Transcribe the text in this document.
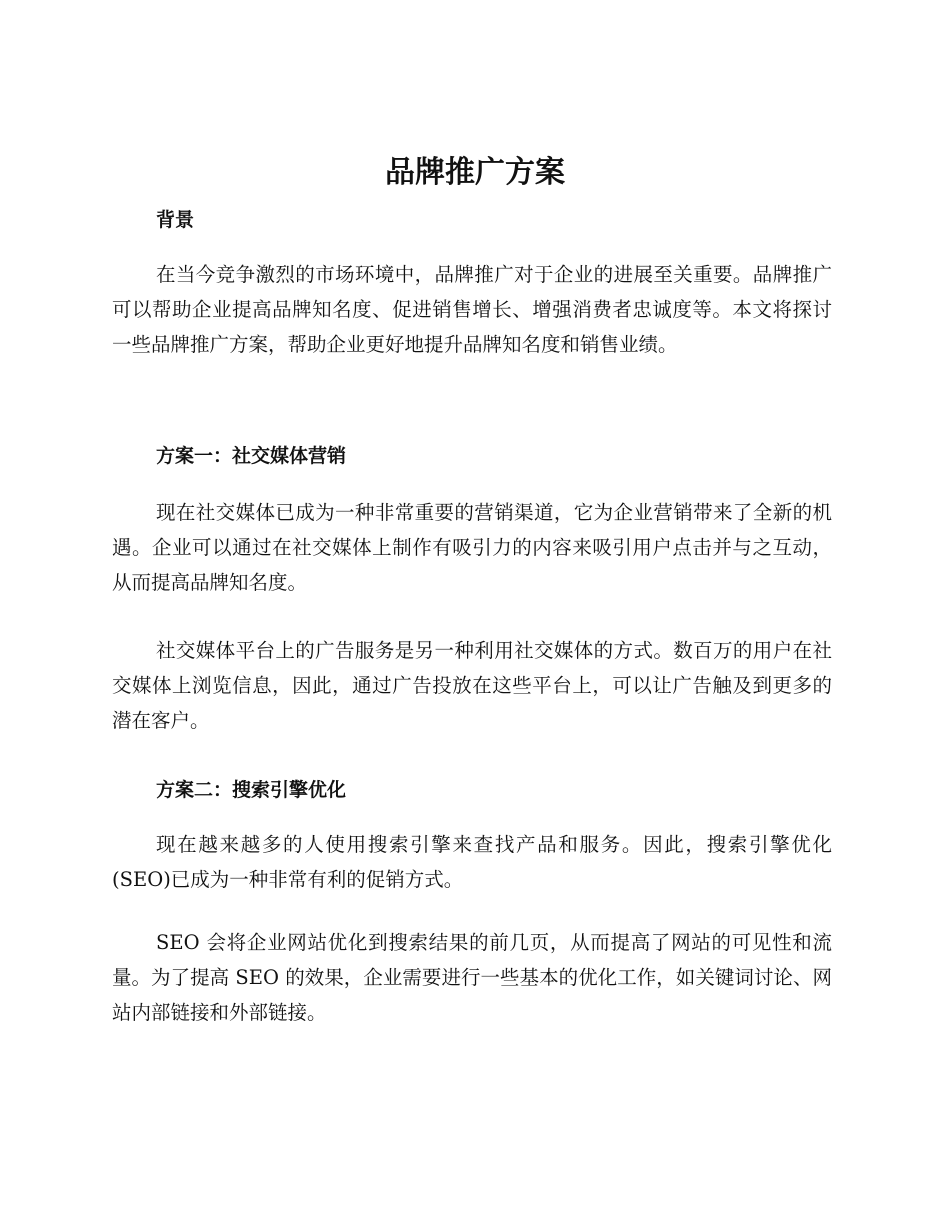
品牌推广方案
背景

在当今竞争激烈的市场环境中，品牌推广对于企业的进展至关重要。品牌推广可以帮助企业提高品牌知名度、促进销售增长、增强消费者忠诚度等。本文将探讨一些品牌推广方案，帮助企业更好地提升品牌知名度和销售业绩。

方案一：社交媒体营销

现在社交媒体已成为一种非常重要的营销渠道，它为企业营销带来了全新的机遇。企业可以通过在社交媒体上制作有吸引力的内容来吸引用户点击并与之互动，从而提高品牌知名度。

社交媒体平台上的广告服务是另一种利用社交媒体的方式。数百万的用户在社交媒体上浏览信息，因此，通过广告投放在这些平台上，可以让广告触及到更多的潜在客户。

方案二：搜索引擎优化

现在越来越多的人使用搜索引擎来查找产品和服务。因此，搜索引擎优化(SEO)已成为一种非常有利的促销方式。

SEO 会将企业网站优化到搜索结果的前几页，从而提高了网站的可见性和流量。为了提高 SEO 的效果，企业需要进行一些基本的优化工作，如关键词讨论、网站内部链接和外部链接。
